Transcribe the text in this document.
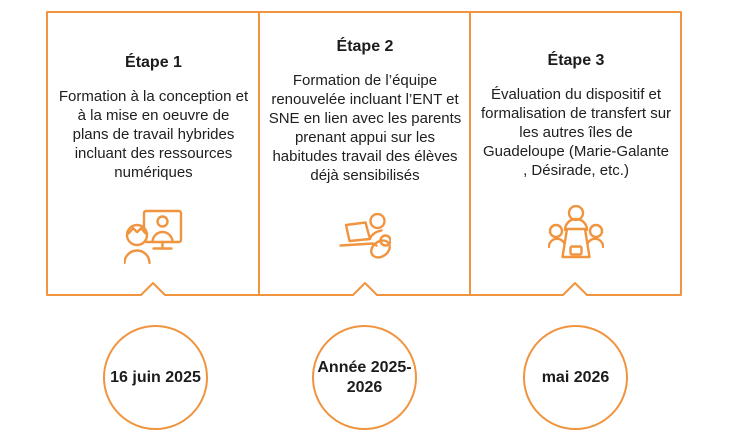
Étape 1

Formation à la conception et à la mise en oeuvre de plans de travail hybrides incluant des ressources numériques

Étape 2

Formation de l’équipe renouvelée incluant l’ENT et SNE en lien avec les parents prenant appui sur les habitudes travail des élèves déjà sensibilisés

Étape 3

Évaluation du dispositif et formalisation de transfert sur les autres îles de Guadeloupe (Marie-Galante , Désirade, etc.)

16 juin 2025
Année 2025-2026
mai 2026
